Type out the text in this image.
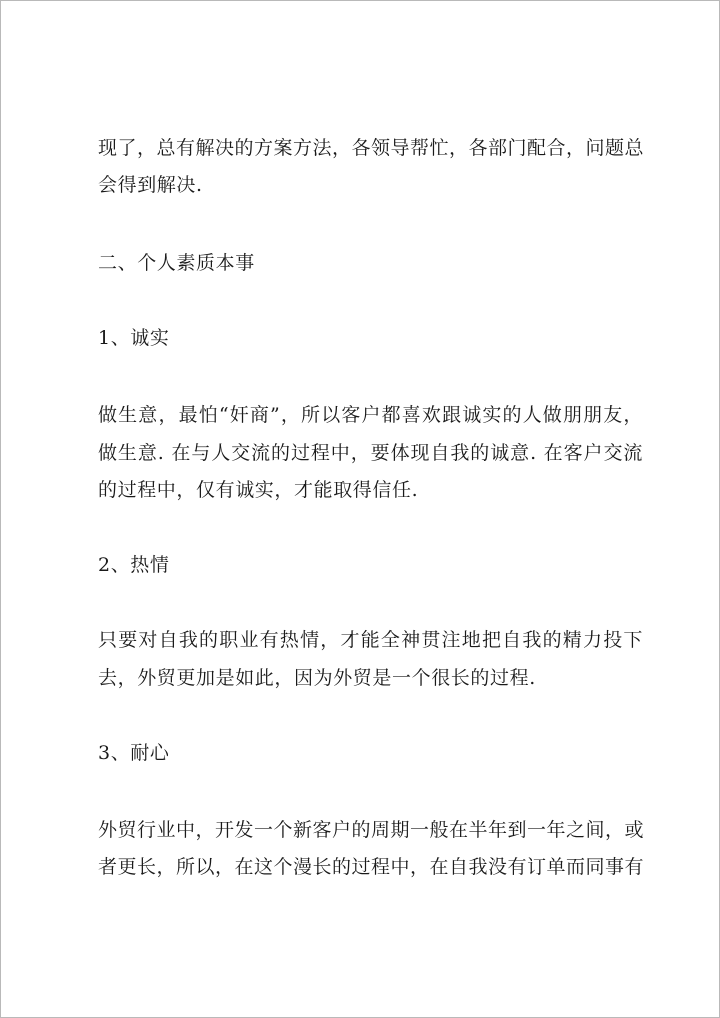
现了，总有解决的方案方法，各领导帮忙，各部门配合，问题总

会得到解决.

二、个人素质本事

1、诚实

做生意，最怕“奸商”，所以客户都喜欢跟诚实的人做朋朋友，

做生意. 在与人交流的过程中，要体现自我的诚意. 在客户交流

的过程中，仅有诚实，才能取得信任.

2、热情

只要对自我的职业有热情，才能全神贯注地把自我的精力投下

去，外贸更加是如此，因为外贸是一个很长的过程.

3、耐心

外贸行业中，开发一个新客户的周期一般在半年到一年之间，或

者更长，所以，在这个漫长的过程中，在自我没有订单而同事有
